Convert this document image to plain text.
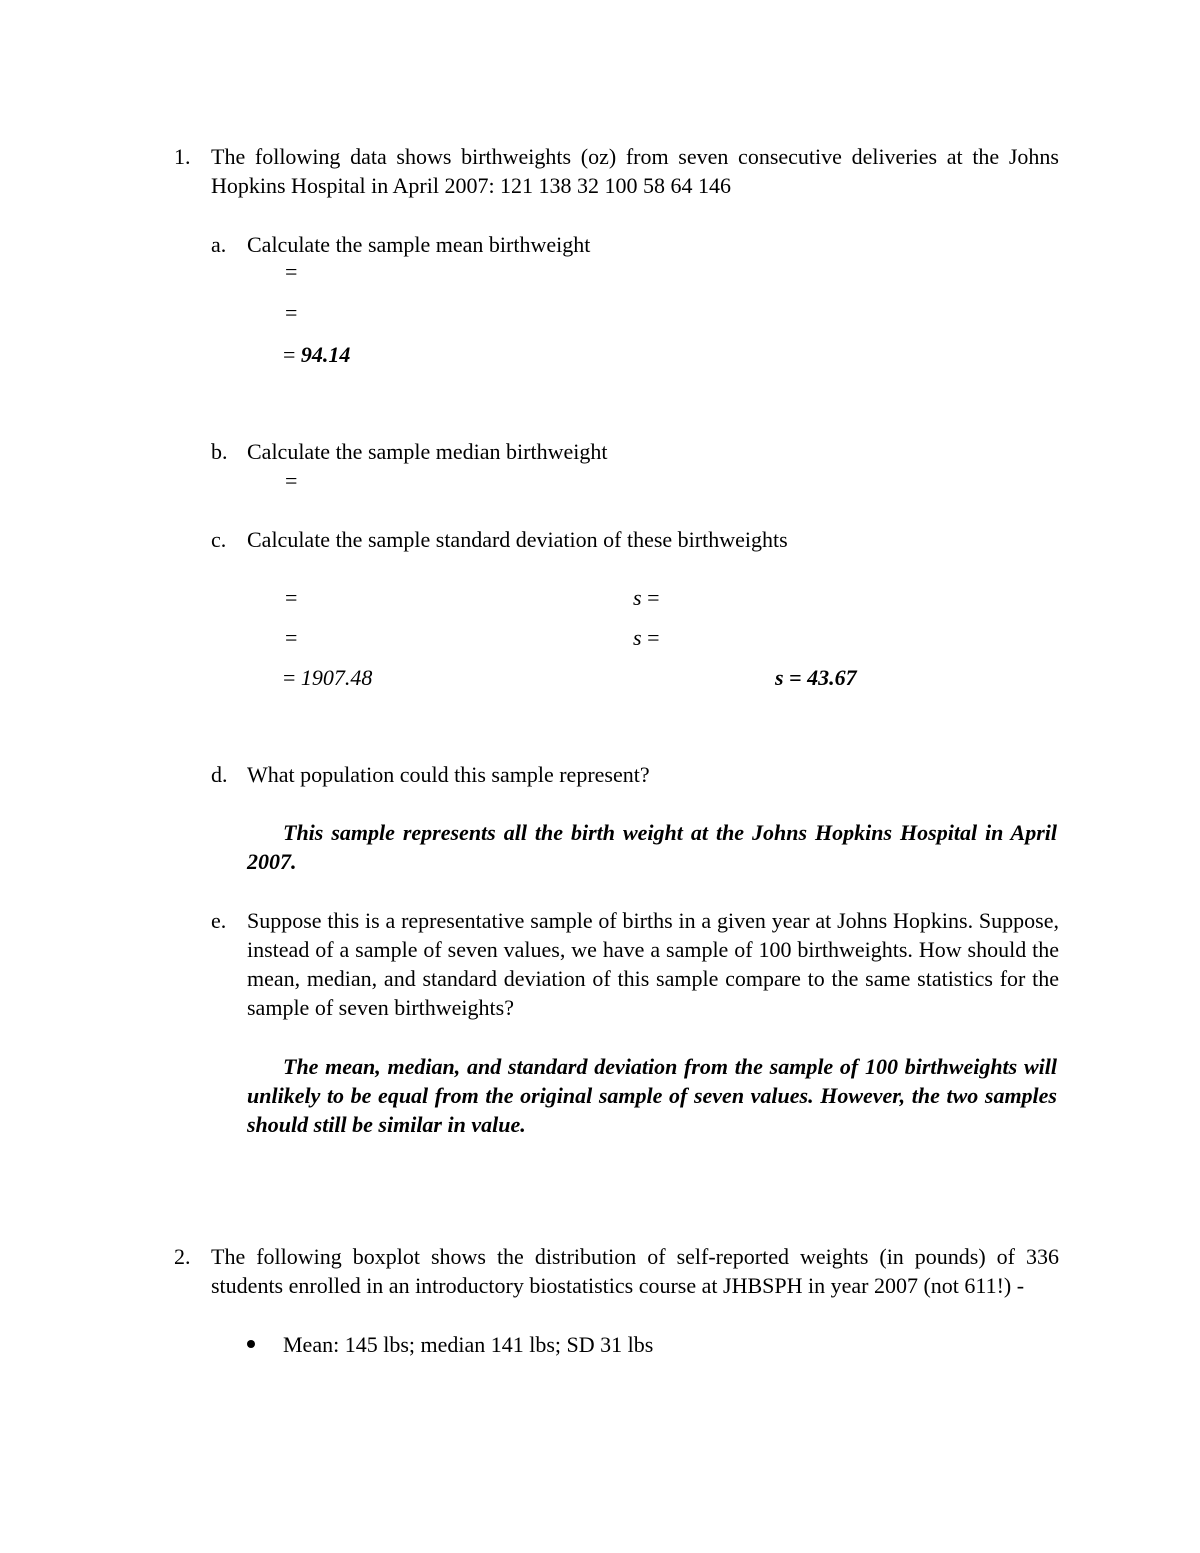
1. The following data shows birthweights (oz) from seven consecutive deliveries at the Johns Hopkins Hospital in April 2007: 121 138 32 100 58 64 146
a. Calculate the sample mean birthweight
=
=
= 94.14
b. Calculate the sample median birthweight
=
c. Calculate the sample standard deviation of these birthweights
=
=
= 1907.48
s =
s =
s = 43.67
d. What population could this sample represent?
This sample represents all the birth weight at the Johns Hopkins Hospital in April 2007.
e. Suppose this is a representative sample of births in a given year at Johns Hopkins. Suppose, instead of a sample of seven values, we have a sample of 100 birthweights. How should the mean, median, and standard deviation of this sample compare to the same statistics for the sample of seven birthweights?
The mean, median, and standard deviation from the sample of 100 birthweights will unlikely to be equal from the original sample of seven values. However, the two samples should still be similar in value.
2. The following boxplot shows the distribution of self-reported weights (in pounds) of 336 students enrolled in an introductory biostatistics course at JHBSPH in year 2007 (not 611!) -
Mean: 145 lbs; median 141 lbs; SD 31 lbs
